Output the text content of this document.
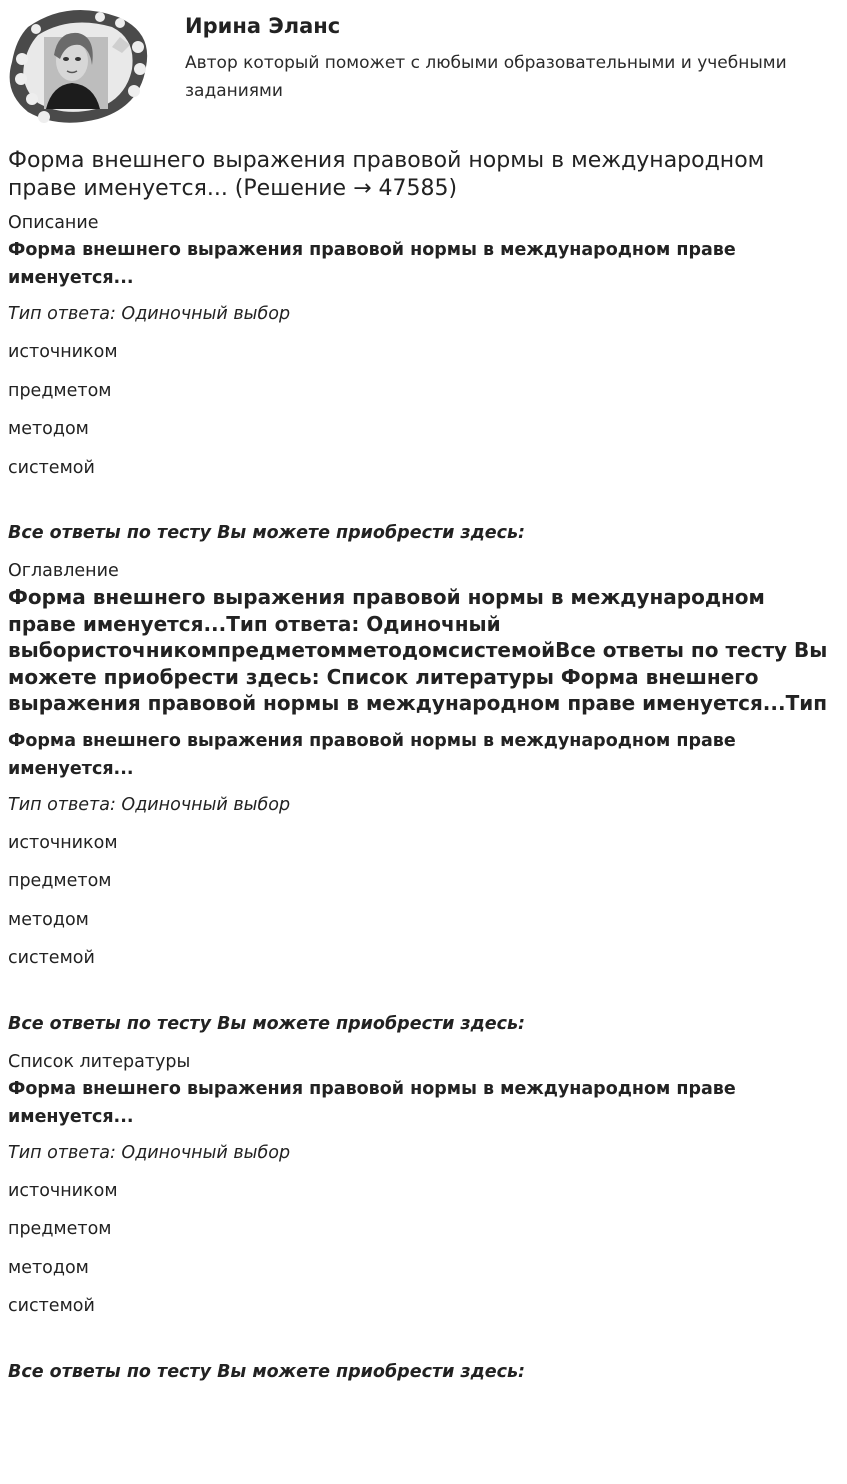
Ирина Эланс

Автор который поможет с любыми образовательными и учебными заданиями

Форма внешнего выражения правовой нормы в международном праве именуется... (Решение → 47585)
Описание
Форма внешнего выражения правовой нормы в международном праве именуется...
Тип ответа: Одиночный выбор
источником
предметом
методом
системой
Все ответы по тесту Вы можете приобрести здесь:
Оглавление
Форма внешнего выражения правовой нормы в международном праве именуется...Тип ответа: Одиночный выбористочникомпредметомметодомсистемойВсе ответы по тесту Вы можете приобрести здесь: Список литературы Форма внешнего выражения правовой нормы в международном праве именуется...Тип
Форма внешнего выражения правовой нормы в международном праве именуется...
Тип ответа: Одиночный выбор
источником
предметом
методом
системой
Все ответы по тесту Вы можете приобрести здесь:
Список литературы
Форма внешнего выражения правовой нормы в международном праве именуется...
Тип ответа: Одиночный выбор
источником
предметом
методом
системой
Все ответы по тесту Вы можете приобрести здесь:
